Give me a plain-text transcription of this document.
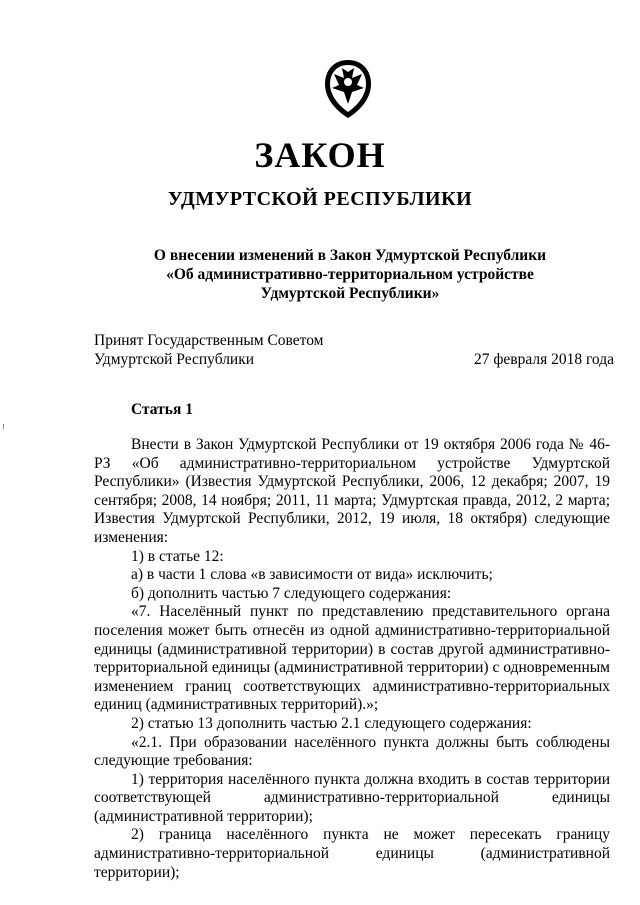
ЗАКОН
УДМУРТСКОЙ РЕСПУБЛИКИ
О внесении изменений в Закон Удмуртской Республики
«Об административно-территориальном устройстве
Удмуртской Республики»
Принят Государственным Советом
Удмуртской Республики	27 февраля 2018 года
Статья 1

Внести в Закон Удмуртской Республики от 19 октября 2006 года № 46-РЗ «Об административно-территориальном устройстве Удмуртской Республики» (Известия Удмуртской Республики, 2006, 12 декабря; 2007, 19 сентября; 2008, 14 ноября; 2011, 11 марта; Удмуртская правда, 2012, 2 марта; Известия Удмуртской Республики, 2012, 19 июля, 18 октября) следующие изменения:

1) в статье 12:

а) в части 1 слова «в зависимости от вида» исключить;

б) дополнить частью 7 следующего содержания:

«7. Населённый пункт по представлению представительного органа поселения может быть отнесён из одной административно-территориальной единицы (административной территории) в состав другой административно-территориальной единицы (административной территории) с одновременным изменением границ соответствующих административно-территориальных единиц (административных территорий).»;

2) статью 13 дополнить частью 2.1 следующего содержания:

«2.1. При образовании населённого пункта должны быть соблюдены следующие требования:

1) территория населённого пункта должна входить в состав территории соответствующей административно-территориальной единицы (административной территории);

2) граница населённого пункта не может пересекать границу административно-территориальной единицы (административной территории);
